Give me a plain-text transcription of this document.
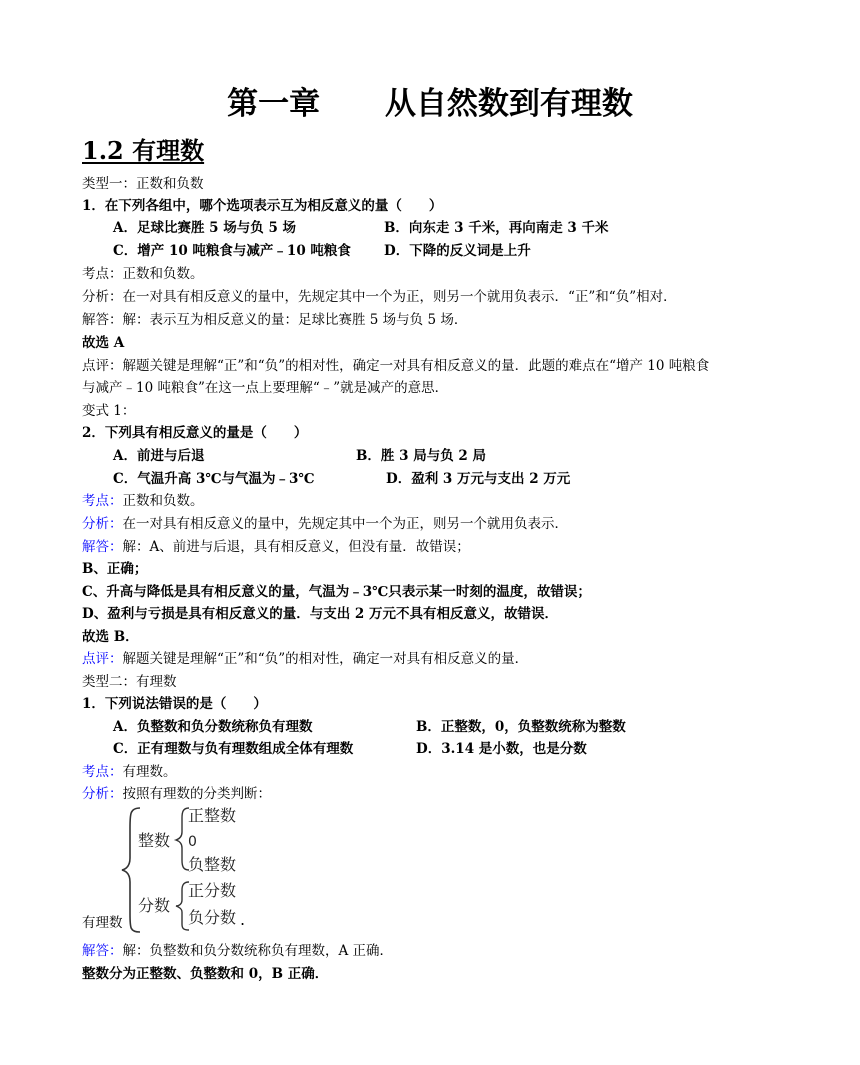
第一章      从自然数到有理数
1.2 有理数
类型一：正数和负数
1．在下列各组中，哪个选项表示互为相反意义的量（　　）
A．足球比赛胜 5 场与负 5 场	B．向东走 3 千米，再向南走 3 千米
C．增产 10 吨粮食与减产﹣10 吨粮食 D．下降的反义词是上升
考点：正数和负数。
分析：在一对具有相反意义的量中，先规定其中一个为正，则另一个就用负表示．“正”和“负”相对．
解答：解：表示互为相反意义的量：足球比赛胜 5 场与负 5 场．
故选 A
点评：解题关键是理解“正”和“负”的相对性，确定一对具有相反意义的量．此题的难点在“增产 10 吨粮食
与减产﹣10 吨粮食”在这一点上要理解“﹣”就是减产的意思．
变式 1：
2．下列具有相反意义的量是（　　）
A．前进与后退	B．胜 3 局与负 2 局
C．气温升高 3℃与气温为﹣3℃	D．盈利 3 万元与支出 2 万元
考点：正数和负数。
分析：在一对具有相反意义的量中，先规定其中一个为正，则另一个就用负表示．
解答：解：A、前进与后退，具有相反意义，但没有量．故错误；
B、正确；
C、升高与降低是具有相反意义的量，气温为﹣3℃只表示某一时刻的温度，故错误；
D、盈利与亏损是具有相反意义的量．与支出 2 万元不具有相反意义，故错误．
故选 B．
点评：解题关键是理解“正”和“负”的相对性，确定一对具有相反意义的量．
类型二：有理数
1．下列说法错误的是（　　）
A．负整数和负分数统称负有理数	B．正整数，0，负整数统称为整数
C．正有理数与负有理数组成全体有理数	D．3.14 是小数，也是分数
考点：有理数。
分析：按照有理数的分类判断：
有理数
整数
正整数
0
负整数
分数
正分数
负分数 .
解答：解：负整数和负分数统称负有理数，A 正确．
整数分为正整数、负整数和 0，B 正确．
